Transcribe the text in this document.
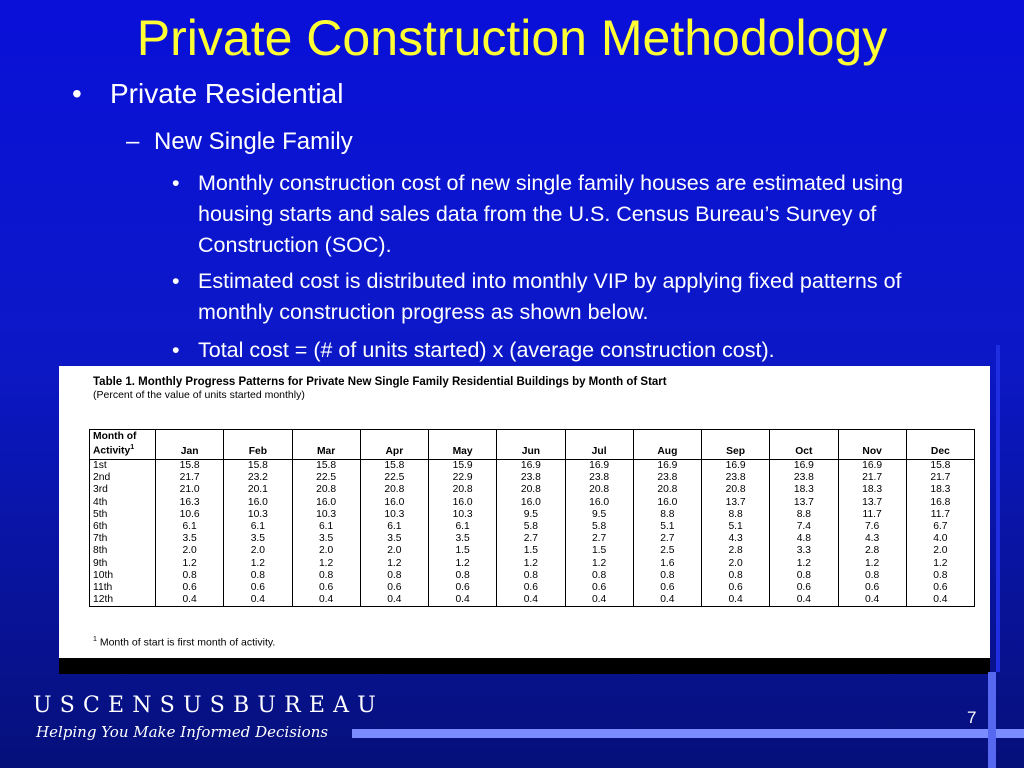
Private Construction Methodology
• Private Residential
– New Single Family
• Monthly construction cost of new single family houses are estimated using housing starts and sales data from the U.S. Census Bureau’s Survey of Construction (SOC).
• Estimated cost is distributed into monthly VIP by applying fixed patterns of monthly construction progress as shown below.
• Total cost = (# of units started) x (average construction cost).
Table 1. Monthly Progress Patterns for Private New Single Family Residential Buildings by Month of Start
(Percent of the value of units started monthly)
Month of
Activity$^1$	Jan	Feb	Mar	Apr	May	Jun	Jul	Aug	Sep	Oct	Nov	Dec
1st	15.8	15.8	15.8	15.8	15.9	16.9	16.9	16.9	16.9	16.9	16.9	15.8
2nd	21.7	23.2	22.5	22.5	22.9	23.8	23.8	23.8	23.8	23.8	21.7	21.7
3rd	21.0	20.1	20.8	20.8	20.8	20.8	20.8	20.8	20.8	18.3	18.3	18.3
4th	16.3	16.0	16.0	16.0	16.0	16.0	16.0	16.0	13.7	13.7	13.7	16.8
5th	10.6	10.3	10.3	10.3	10.3	9.5	9.5	8.8	8.8	8.8	11.7	11.7
6th	6.1	6.1	6.1	6.1	6.1	5.8	5.8	5.1	5.1	7.4	7.6	6.7
7th	3.5	3.5	3.5	3.5	3.5	2.7	2.7	2.7	4.3	4.8	4.3	4.0
8th	2.0	2.0	2.0	2.0	1.5	1.5	1.5	2.5	2.8	3.3	2.8	2.0
9th	1.2	1.2	1.2	1.2	1.2	1.2	1.2	1.6	2.0	1.2	1.2	1.2
10th	0.8	0.8	0.8	0.8	0.8	0.8	0.8	0.8	0.8	0.8	0.8	0.8
11th	0.6	0.6	0.6	0.6	0.6	0.6	0.6	0.6	0.6	0.6	0.6	0.6
12th	0.4	0.4	0.4	0.4	0.4	0.4	0.4	0.4	0.4	0.4	0.4	0.4
$^1$ Month of start is first month of activity.
USCENSUSBUREAU
Helping You Make Informed Decisions
7
